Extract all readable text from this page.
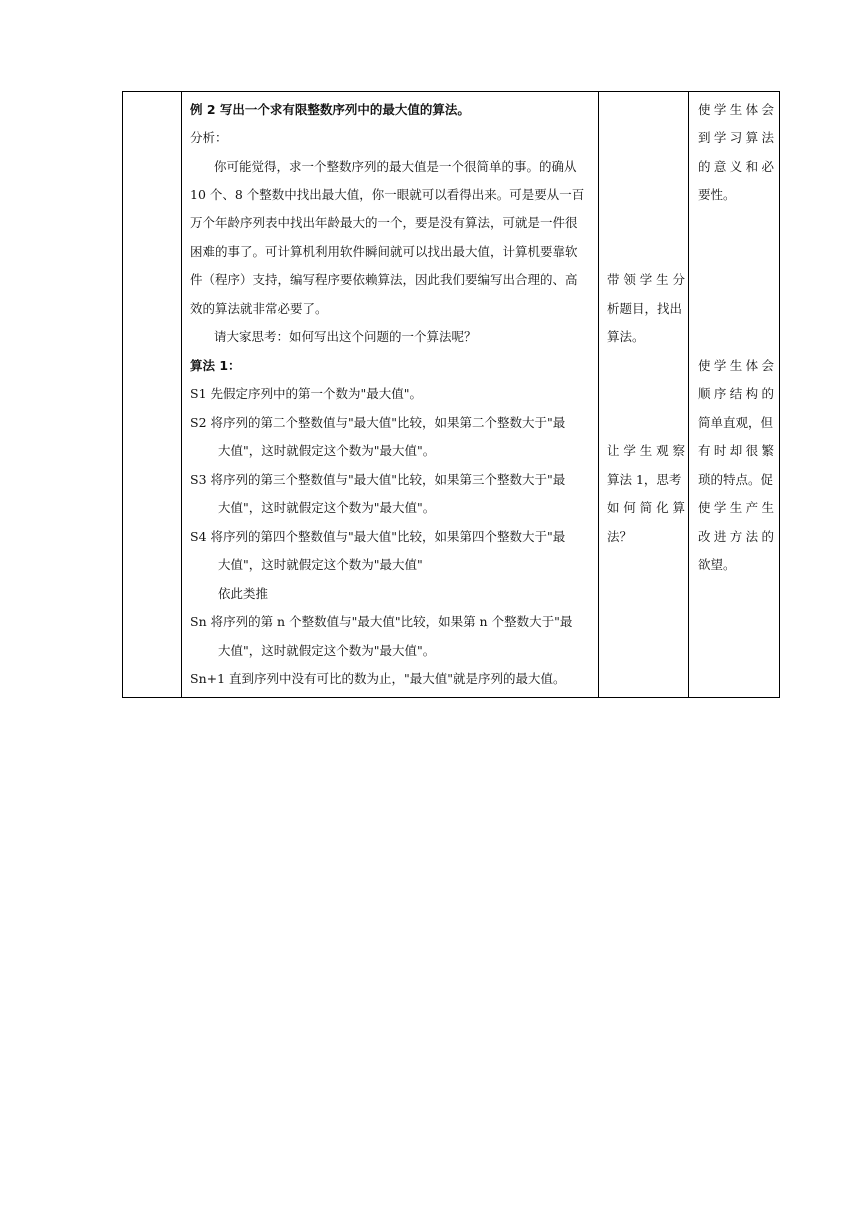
例 2 写出一个求有限整数序列中的最大值的算法。
分析：
你可能觉得，求一个整数序列的最大值是一个很简单的事。的确从
10 个、8 个整数中找出最大值，你一眼就可以看得出来。可是要从一百
万个年龄序列表中找出年龄最大的一个，要是没有算法，可就是一件很
困难的事了。可计算机利用软件瞬间就可以找出最大值，计算机要靠软
件（程序）支持，编写程序要依赖算法，因此我们要编写出合理的、高
效的算法就非常必要了。
请大家思考：如何写出这个问题的一个算法呢？
算法 1：
S1 先假定序列中的第一个数为"最大值"。
S2 将序列的第二个整数值与"最大值"比较，如果第二个整数大于"最
大值"，这时就假定这个数为"最大值"。
S3 将序列的第三个整数值与"最大值"比较，如果第三个整数大于"最
大值"，这时就假定这个数为"最大值"。
S4 将序列的第四个整数值与"最大值"比较，如果第四个整数大于"最
大值"，这时就假定这个数为"最大值"
依此类推
Sn 将序列的第 n 个整数值与"最大值"比较，如果第 n 个整数大于"最
大值"，这时就假定这个数为"最大值"。
Sn+1 直到序列中没有可比的数为止，"最大值"就是序列的最大值。
带 领 学 生 分
析题目，找出
算法。
让 学 生 观 察
算法 1，思考
如 何 简 化 算
法？
使 学 生 体 会
到 学 习 算 法
的 意 义 和 必
要性。
使 学 生 体 会
顺 序 结 构 的
简单直观，但
有 时 却 很 繁
琐的特点。促
使 学 生 产 生
改 进 方 法 的
欲望。
